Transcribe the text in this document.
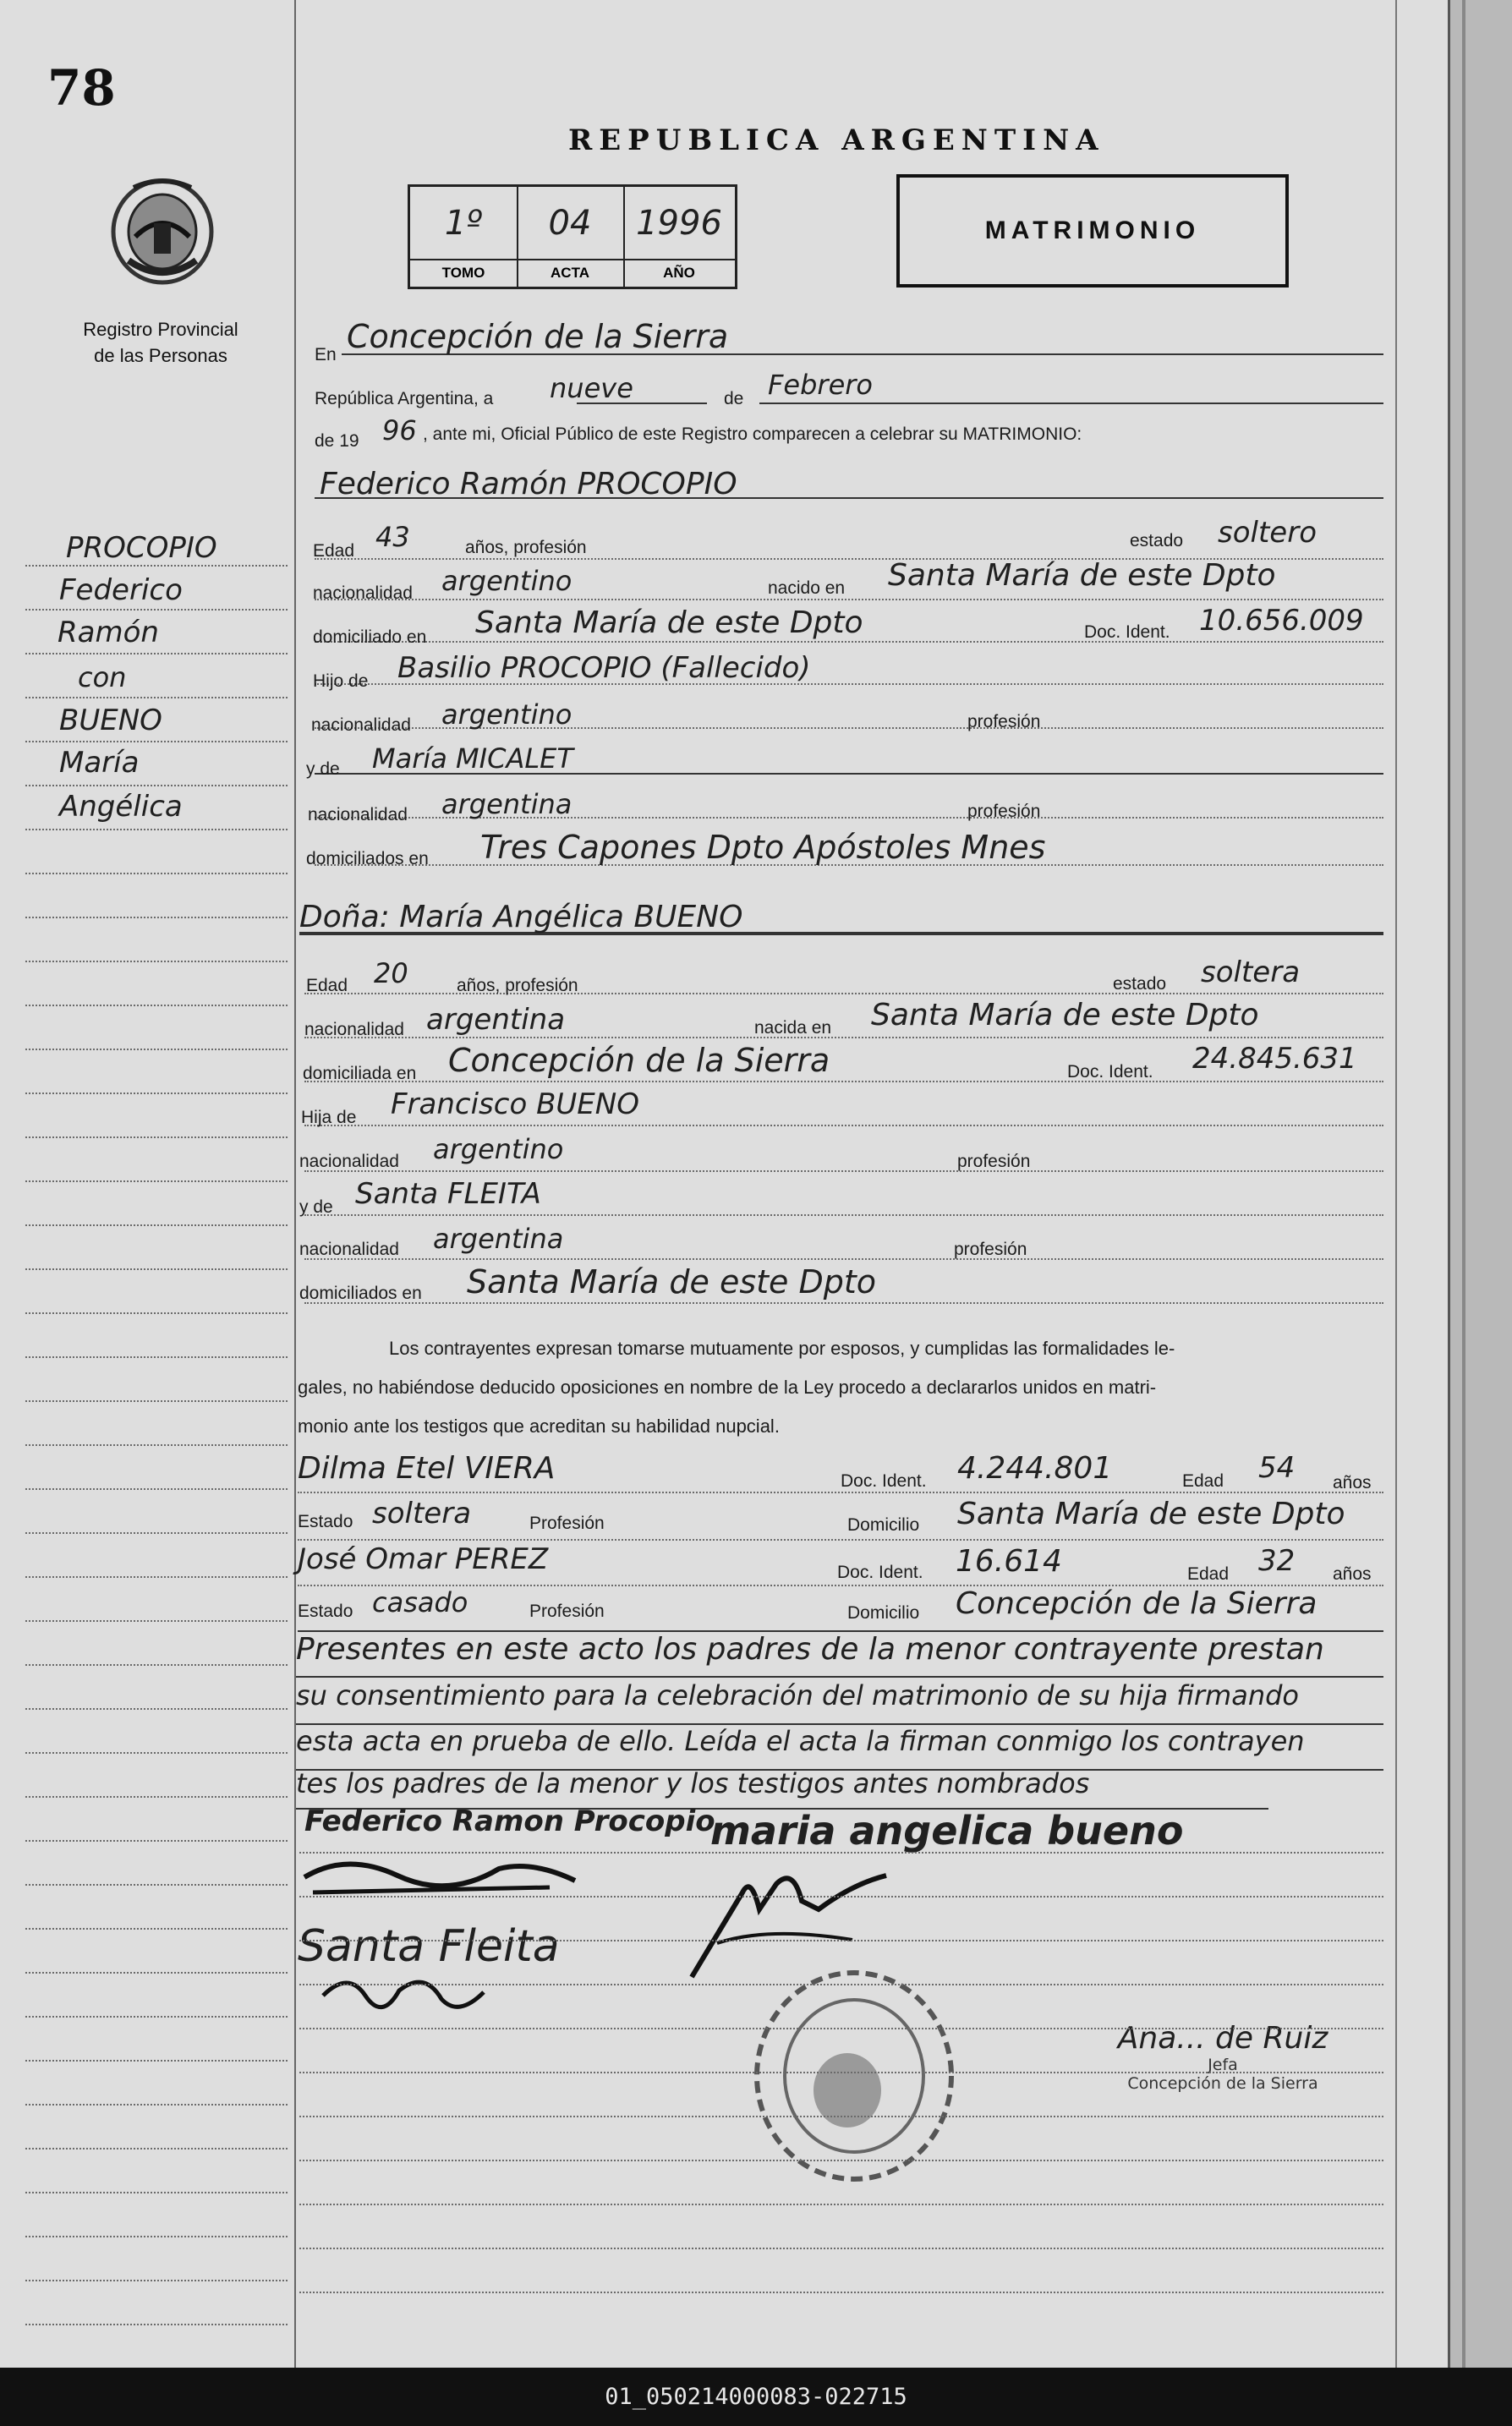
78
REPUBLICA ARGENTINA
Registro Provincial
de las Personas
1º
TOMO
04
ACTA
1996
AÑO
MATRIMONIO
PROCOPIO
Federico
Ramón
con
BUENO
María
Angélica
En Concepción de la Sierra
República Argentina, a nueve	de Febrero
de 19 96 , ante mi, Oficial Público de este Registro comparecen a celebrar su MATRIMONIO:
Federico Ramón PROCOPIO
Edad 43	años, profesión	estado soltero
nacionalidad argentino	nacido en Santa María de este Dpto
domiciliado en Santa María de este Dpto	Doc. Ident. 10.656.009
Hijo de Basilio PROCOPIO (Fallecido)
nacionalidad argentino	profesión
y de María MICALET
nacionalidad argentina	profesión
domiciliados en Tres Capones Dpto Apóstoles Mnes
Doña: María Angélica BUENO
Edad 20	años, profesión	estado soltera
nacionalidad argentina	nacida en Santa María de este Dpto
domiciliada en Concepción de la Sierra	Doc. Ident. 24.845.631
Hija de Francisco BUENO
nacionalidad argentino	profesión
y de Santa FLEITA
nacionalidad argentina	profesión
domiciliados en Santa María de este Dpto
Los contrayentes expresan tomarse mutuamente por esposos, y cumplidas las formalidades le-
gales, no habiéndose deducido oposiciones en nombre de la Ley procedo a declararlos unidos en matri-
monio ante los testigos que acreditan su habilidad nupcial.
Dilma Etel VIERA	Doc. Ident. 4.244.801	Edad 54 años
Estado soltera	Profesión	Domicilio Santa María de este Dpto
José Omar PEREZ	Doc. Ident. 16.614	Edad 32 años
Estado casado	Profesión	Domicilio Concepción de la Sierra
Presentes en este acto los padres de la menor contrayente prestan
su consentimiento para la celebración del matrimonio de su hija firmando
esta acta en prueba de ello. Leída el acta la firman conmigo los contrayen
tes los padres de la menor y los testigos antes nombrados
Federico Ramon Procopio
maria angelica bueno
Santa Fleita
Ana... de Ruiz
Jefa
Concepción de la Sierra
01_050214000083-022715
